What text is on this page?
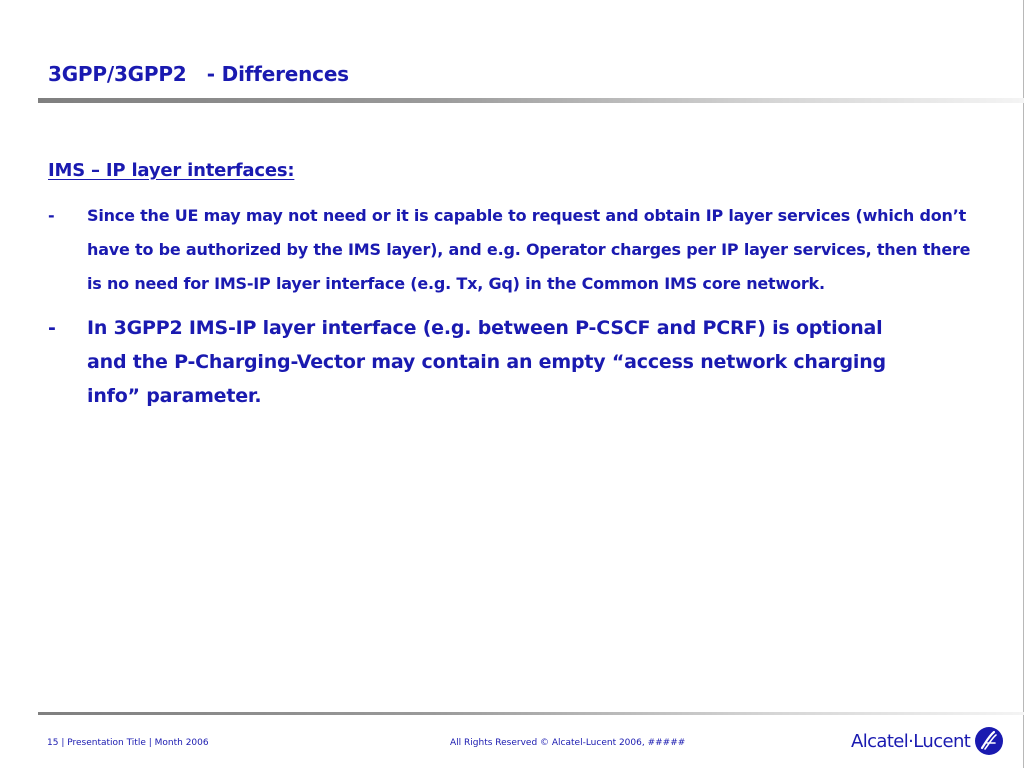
3GPP/3GPP2   - Differences
IMS – IP layer interfaces:
-	Since the UE may may not need or it is capable to request and obtain IP layer services (which don’t have to be authorized by the IMS layer), and e.g. Operator charges per IP layer services, then there is no need for IMS-IP layer interface (e.g. Tx, Gq) in the Common IMS core network.
-	In 3GPP2 IMS-IP layer interface (e.g. between P-CSCF and PCRF) is optional and the P-Charging-Vector may contain an empty “access network charging info” parameter.
15 | Presentation Title | Month 2006	All Rights Reserved © Alcatel-Lucent 2006, #####	Alcatel·Lucent
